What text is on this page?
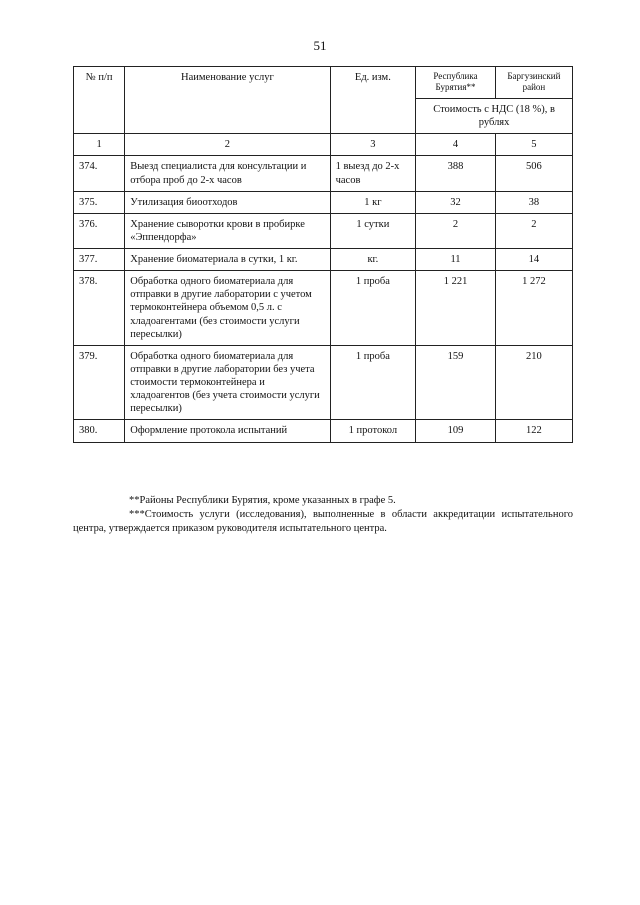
51
№ п/п	Наименование услуг	Ед. изм.	Республика Бурятия**	Баргузинский район
			Стоимость с НДС (18 %), в рублях	
1	2	3	4	5
374.	Выезд специалиста для консультации и отбора проб до 2-х часов	1 выезд до 2-х часов	388	506
375.	Утилизация биоотходов	1 кг	32	38
376.	Хранение сыворотки крови в пробирке «Эппендорфа»	1 сутки	2	2
377.	Хранение биоматериала в сутки, 1 кг.	кг.	11	14
378.	Обработка одного биоматериала для отправки в другие лаборатории с учетом термоконтейнера объемом 0,5 л. с хладоагентами (без стоимости услуги пересылки)	1 проба	1 221	1 272
379.	Обработка одного биоматериала для отправки в другие лаборатории без учета стоимости термоконтейнера и хладоагентов (без учета стоимости услуги пересылки)	1 проба	159	210
380.	Оформление протокола испытаний	1 протокол	109	122

**Районы Республики Бурятия, кроме указанных в графе 5.

***Стоимость услуги (исследования), выполненные в области аккредитации испытательного центра, утверждается приказом руководителя испытательного центра.
